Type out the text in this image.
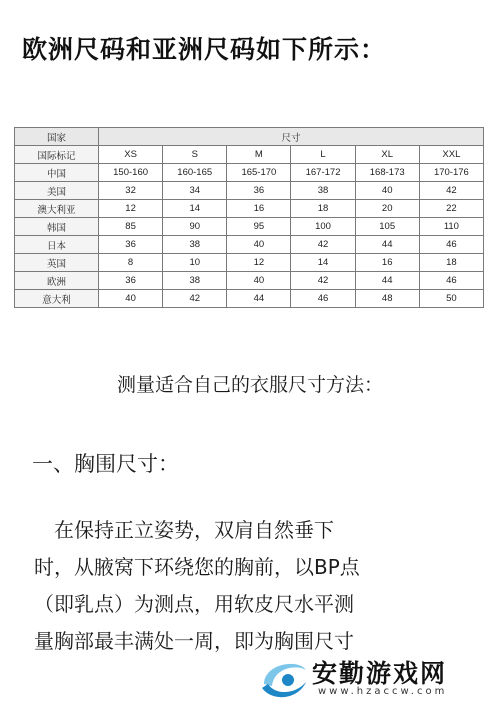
欧洲尺码和亚洲尺码如下所示：
国家	尺寸					
国际标记	XS	S	M	L	XL	XXL
中国	150-160	160-165	165-170	167-172	168-173	170-176
美国	32	34	36	38	40	42
澳大利亚	12	14	16	18	20	22
韩国	85	90	95	100	105	110
日本	36	38	40	42	44	46
英国	8	10	12	14	16	18
欧洲	36	38	40	42	44	46
意大利	40	42	44	46	48	50
测量适合自己的衣服尺寸方法：
一、胸围尺寸：
　在保持正立姿势，双肩自然垂下
时，从腋窝下环绕您的胸前，以BP点
（即乳点）为测点，用软皮尺水平测
量胸部最丰满处一周，即为胸围尺寸
安勤游戏网
www.hzaccw.com
